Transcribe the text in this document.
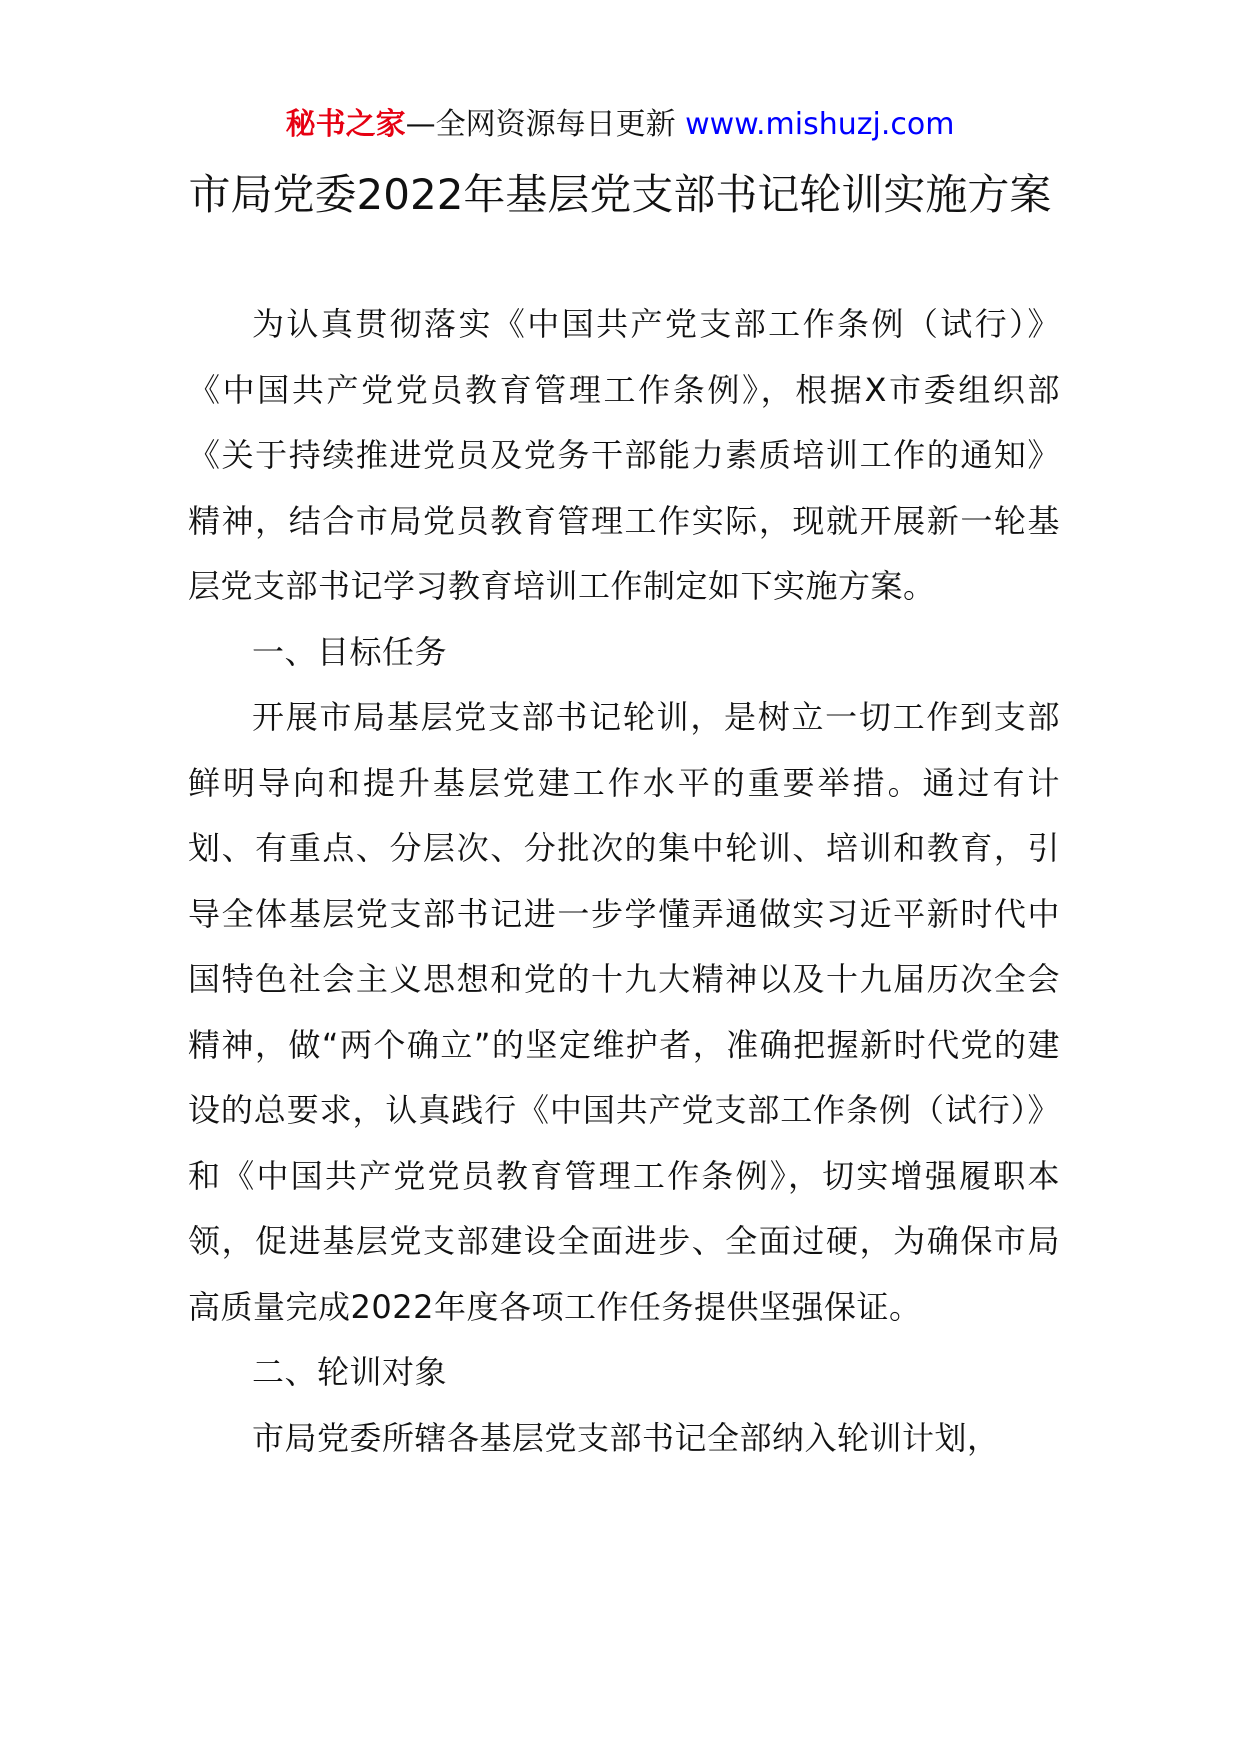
秘书之家—全网资源每日更新 www.mishuzj.com
市局党委2022年基层党支部书记轮训实施方案

为认真贯彻落实《中国共产党支部工作条例（试行）》《中国共产党党员教育管理工作条例》，根据X市委组织部《关于持续推进党员及党务干部能力素质培训工作的通知》精神，结合市局党员教育管理工作实际，现就开展新一轮基层党支部书记学习教育培训工作制定如下实施方案。

一、目标任务

开展市局基层党支部书记轮训，是树立一切工作到支部鲜明导向和提升基层党建工作水平的重要举措。通过有计划、有重点、分层次、分批次的集中轮训、培训和教育，引导全体基层党支部书记进一步学懂弄通做实习近平新时代中国特色社会主义思想和党的十九大精神以及十九届历次全会精神，做“两个确立”的坚定维护者，准确把握新时代党的建设的总要求，认真践行《中国共产党支部工作条例（试行）》和《中国共产党党员教育管理工作条例》，切实增强履职本领，促进基层党支部建设全面进步、全面过硬，为确保市局高质量完成2022年度各项工作任务提供坚强保证。

二、轮训对象

市局党委所辖各基层党支部书记全部纳入轮训计划，
